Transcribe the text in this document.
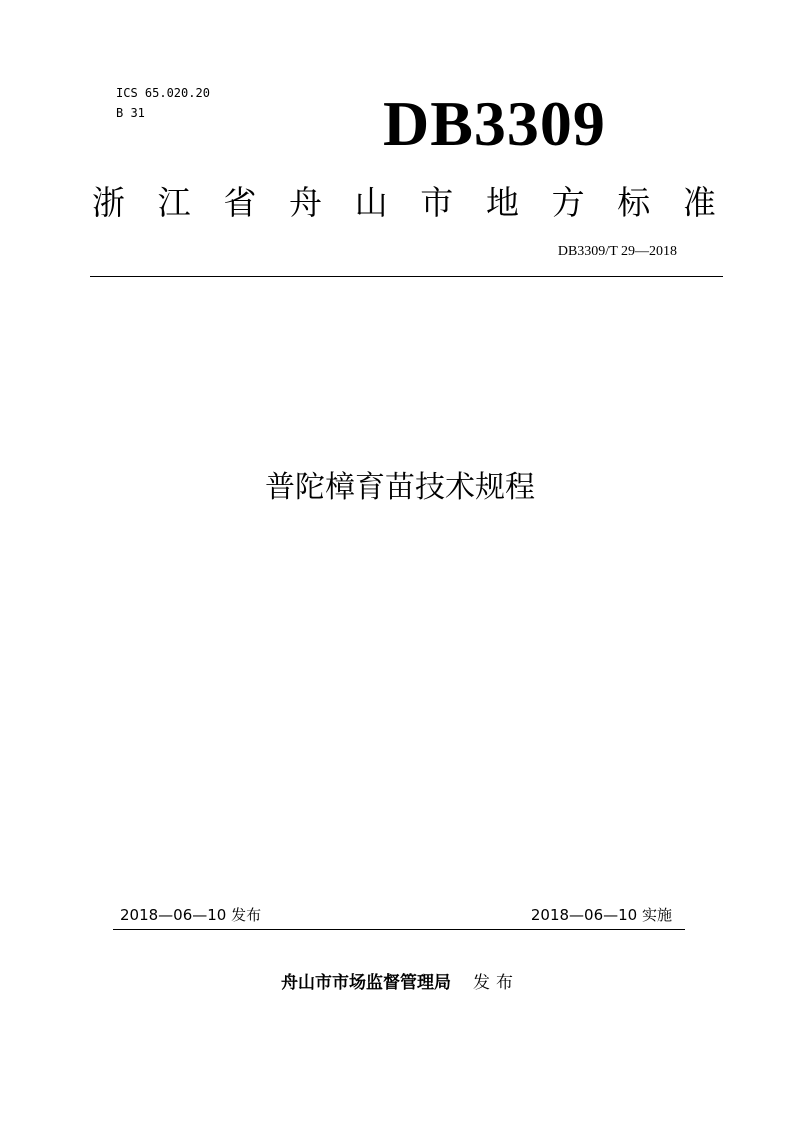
ICS 65.020.20
B 31	DB3309
浙 江 省 舟 山 市 地 方 标 准
DB3309/T 29—2018
普陀樟育苗技术规程
2018—06—10 发布	2018—06—10 实施
舟山市市场监督管理局 发布
